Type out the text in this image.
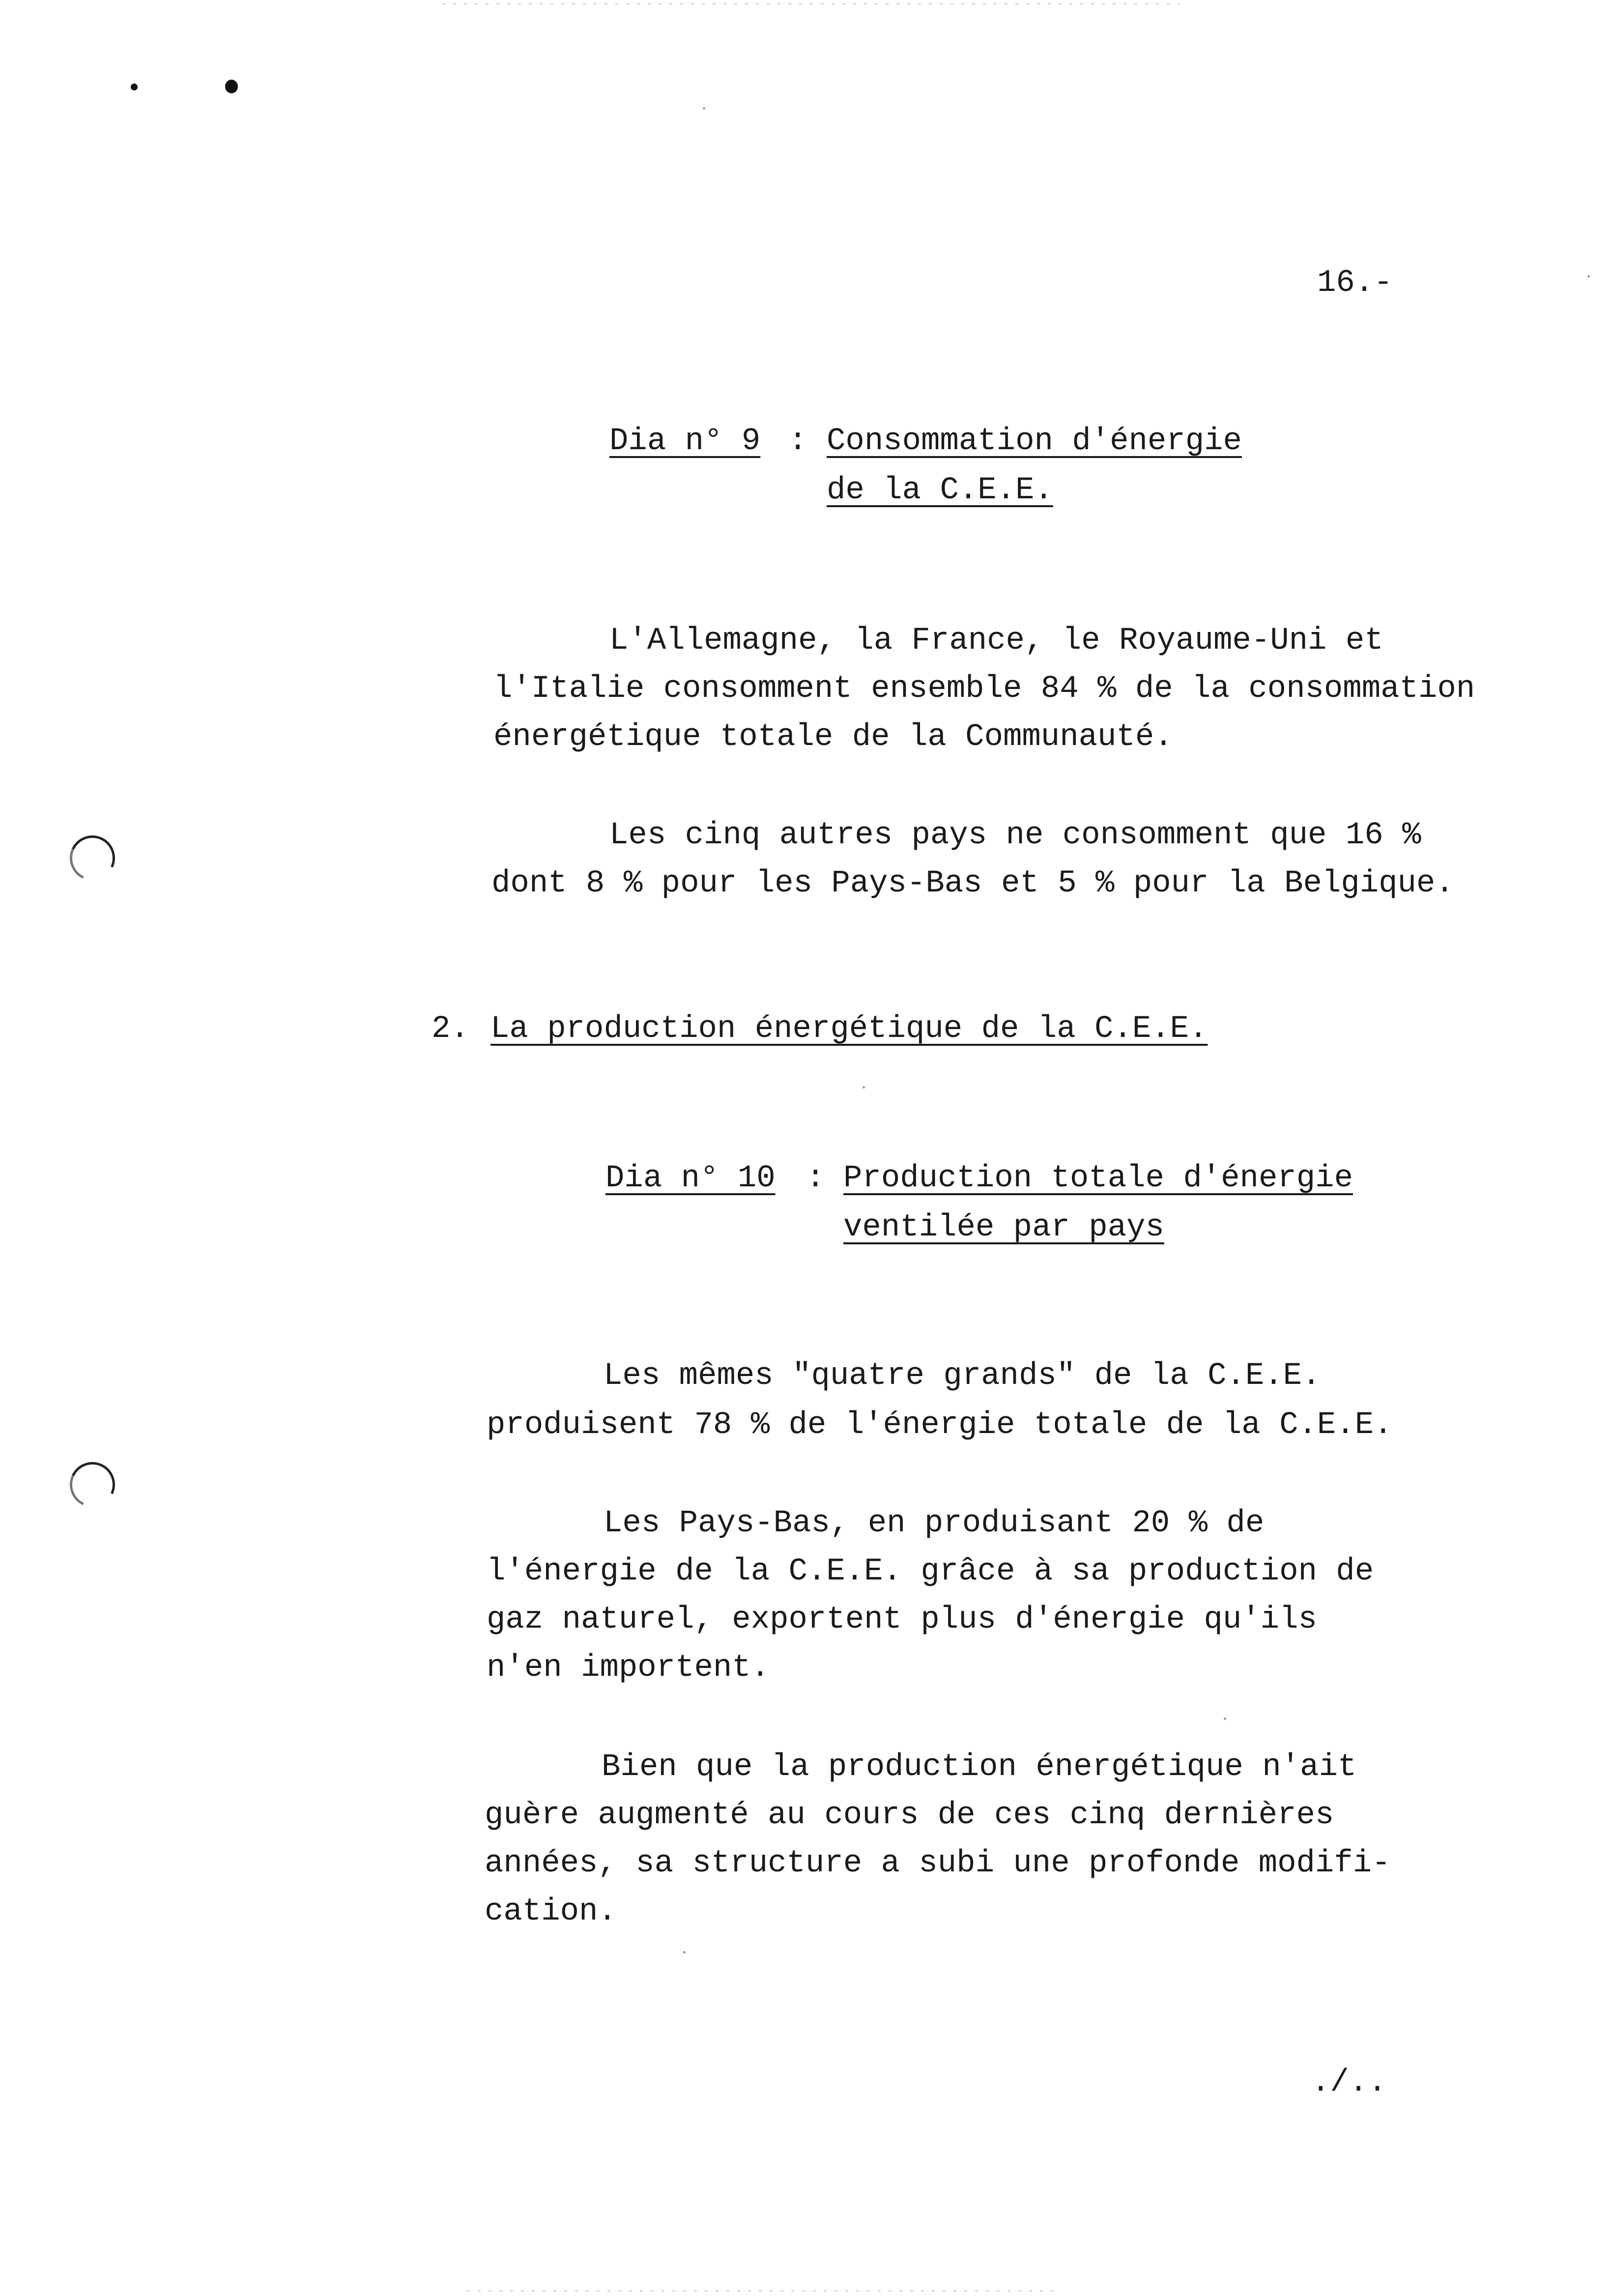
16.-
Dia n° 9 : Consommation d'énergie
de la C.E.E.
L'Allemagne, la France, le Royaume-Uni et
l'Italie consomment ensemble 84 % de la consommation
énergétique totale de la Communauté.
Les cinq autres pays ne consomment que 16 %
dont 8 % pour les Pays-Bas et 5 % pour la Belgique.
2. La production énergétique de la C.E.E.
Dia n° 10 : Production totale d'énergie
ventilée par pays
Les mêmes "quatre grands" de la C.E.E.
produisent 78 % de l'énergie totale de la C.E.E.
Les Pays-Bas, en produisant 20 % de
l'énergie de la C.E.E. grâce à sa production de
gaz naturel, exportent plus d'énergie qu'ils
n'en importent.
Bien que la production énergétique n'ait
guère augmenté au cours de ces cinq dernières
années, sa structure a subi une profonde modifi-
cation.
./..
